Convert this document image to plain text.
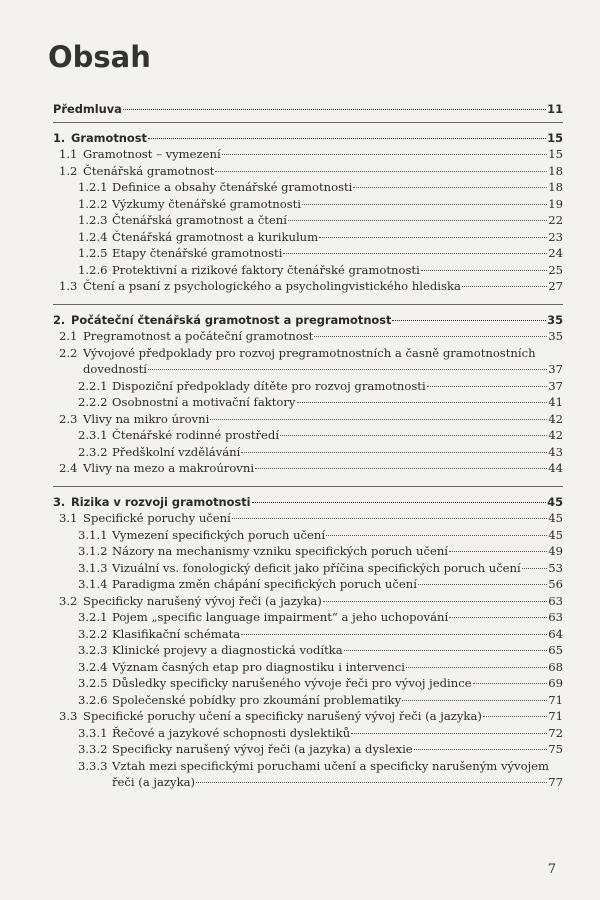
Obsah
Předmluva	11
1. Gramotnost	15
1.1 Gramotnost – vymezení	15
1.2 Čtenářská gramotnost	18
1.2.1 Definice a obsahy čtenářské gramotnosti	18
1.2.2 Výzkumy čtenářské gramotnosti	19
1.2.3 Čtenářská gramotnost a čtení	22
1.2.4 Čtenářská gramotnost a kurikulum	23
1.2.5 Etapy čtenářské gramotnosti	24
1.2.6 Protektivní a rizikové faktory čtenářské gramotnosti	25
1.3 Čtení a psaní z psychologického a psycholingvistického hlediska	27
2. Počáteční čtenářská gramotnost a pregramotnost	35
2.1 Pregramotnost a počáteční gramotnost	35
2.2 Vývojové předpoklady pro rozvoj pregramotnostních a časně gramotnostních
dovedností	37
2.2.1 Dispoziční předpoklady dítěte pro rozvoj gramotnosti	37
2.2.2 Osobnostní a motivační faktory	41
2.3 Vlivy na mikro úrovni	42
2.3.1 Čtenářské rodinné prostředí	42
2.3.2 Předškolní vzdělávání	43
2.4 Vlivy na mezo a makroúrovni	44
3. Rizika v rozvoji gramotnosti	45
3.1 Specifické poruchy učení	45
3.1.1 Vymezení specifických poruch učení	45
3.1.2 Názory na mechanismy vzniku specifických poruch učení	49
3.1.3 Vizuální vs. fonologický deficit jako příčina specifických poruch učení 53
3.1.4 Paradigma změn chápání specifických poruch učení	56
3.2 Specificky narušený vývoj řeči (a jazyka)	63
3.2.1 Pojem „specific language impairment“ a jeho uchopování	63
3.2.2 Klasifikační schémata	64
3.2.3 Klinické projevy a diagnostická vodítka	65
3.2.4 Význam časných etap pro diagnostiku i intervenci	68
3.2.5 Důsledky specificky narušeného vývoje řeči pro vývoj jedince	69
3.2.6 Společenské pobídky pro zkoumání problematiky	71
3.3 Specifické poruchy učení a specificky narušený vývoj řeči (a jazyka)	71
3.3.1 Řečové a jazykové schopnosti dyslektiků	72
3.3.2 Specificky narušený vývoj řeči (a jazyka) a dyslexie	75
3.3.3 Vztah mezi specifickými poruchami učení a specificky narušeným vývojem
řeči (a jazyka)	77
7
